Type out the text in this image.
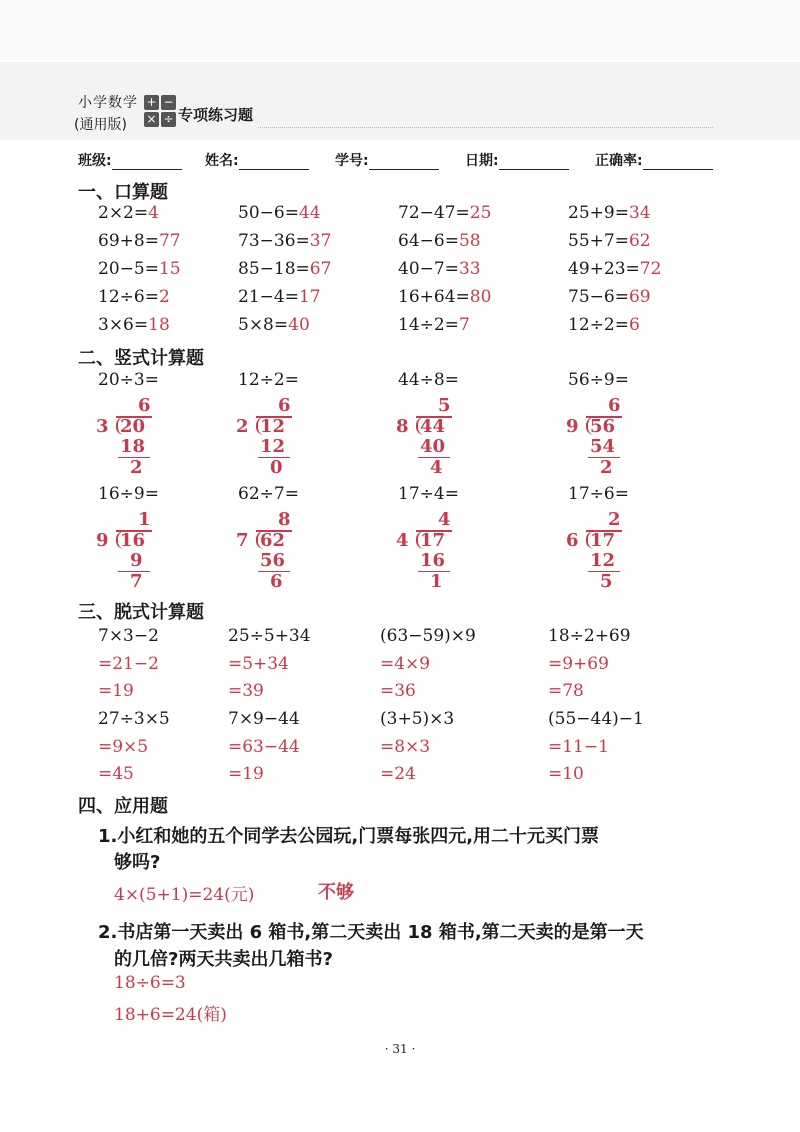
小学数学
(通用版)
+ −
× ÷ 专项练习题
班级:	姓名:	学号:	日期:	正确率:
一、口算题
2×2=4	50−6=44	72−47=25	25+9=34
69+8=77	73−36=37	64−6=58	55+7=62
20−5=15	85−18=67	40−7=33	49+23=72
12÷6=2	21−4=17	16+64=80	75−6=69
3×6=18	5×8=40	14÷2=7	12÷2=6
二、竖式计算题
20÷3=
6
3 20
18
2
12÷2=
6
2 12
12
0
44÷8=
5
8 44
40
4
56÷9=
6
9 56
54
2
16÷9=
1
9 16
9
7
62÷7=
8
7 62
56
6
17÷4=
4
4 17
16
1
17÷6=
2
6 17
12
5
三、脱式计算题
7×3−2
=21−2
=19
25÷5+34
=5+34
=39
(63−59)×9
=4×9
=36
18÷2+69
=9+69
=78
27÷3×5
=9×5
=45
7×9−44
=63−44
=19
(3+5)×3
=8×3
=24
(55−44)−1
=11−1
=10
四、应用题
1.小红和她的五个同学去公园玩,门票每张四元,用二十元买门票
够吗?
4×(5+1)=24(元)	不够
2.书店第一天卖出 6 箱书,第二天卖出 18 箱书,第二天卖的是第一天
的几倍?两天共卖出几箱书?
18÷6=3
18+6=24(箱)
· 31 ·
